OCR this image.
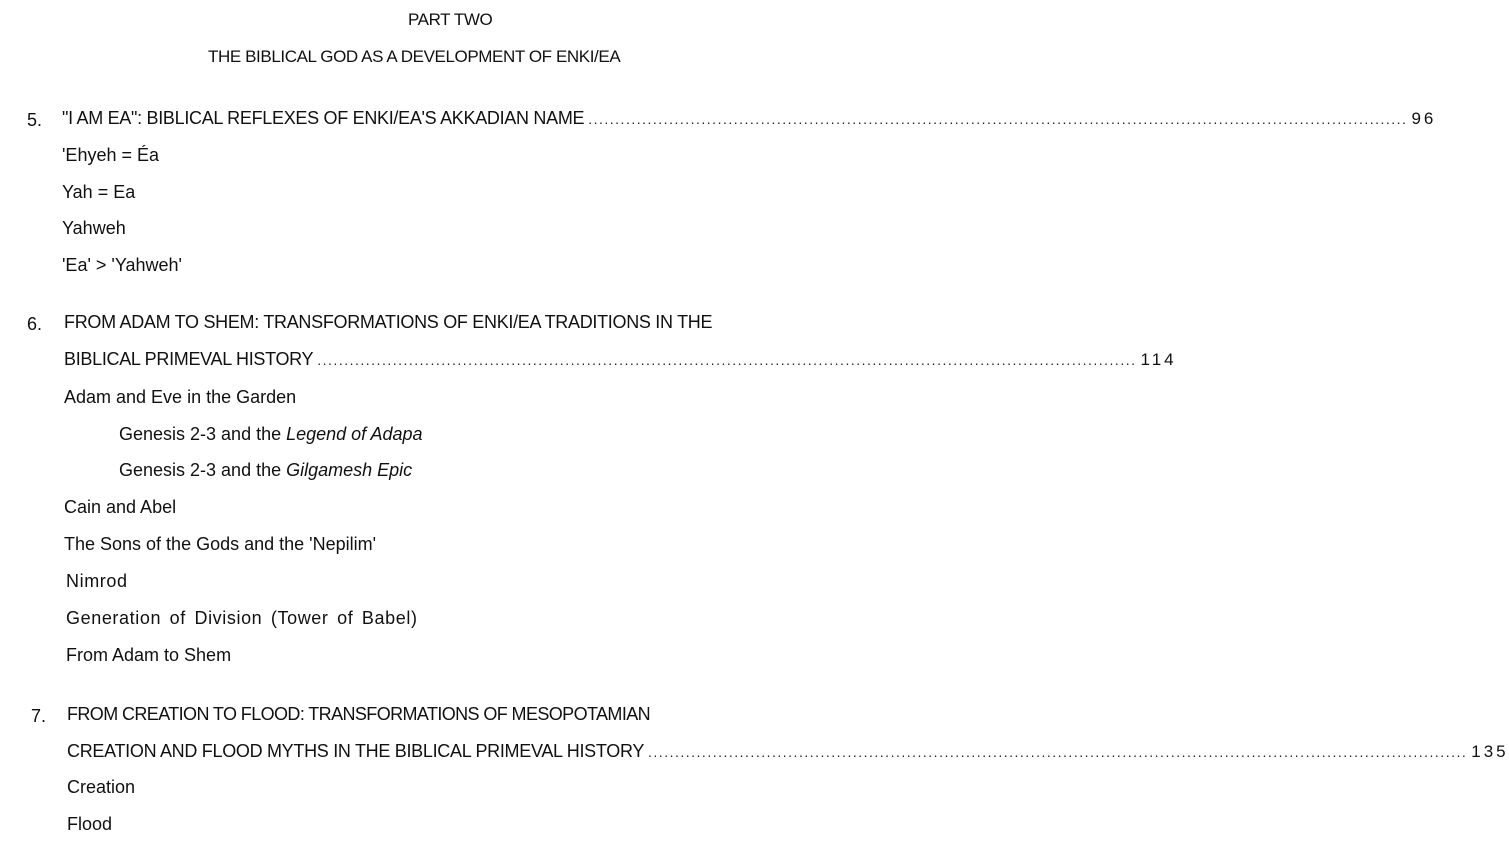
PART TWO
THE BIBLICAL GOD AS A DEVELOPMENT OF ENKI/EA
5. "I AM EA": BIBLICAL REFLEXES OF ENKI/EA'S AKKADIAN NAME ........................................................................................................................................................ 96
'Ehyeh = Éa
Yah = Ea
Yahweh
'Ea' > 'Yahweh'
6. FROM ADAM TO SHEM: TRANSFORMATIONS OF ENKI/EA TRADITIONS IN THE
BIBLICAL PRIMEVAL HISTORY ........................................................................................................................................................ 114
Adam and Eve in the Garden
Genesis 2-3 and the Legend of Adapa
Genesis 2-3 and the Gilgamesh Epic
Cain and Abel
The Sons of the Gods and the 'Nepilim'
Nimrod
Generation of Division (Tower of Babel)
From Adam to Shem
7. FROM CREATION TO FLOOD: TRANSFORMATIONS OF MESOPOTAMIAN
CREATION AND FLOOD MYTHS IN THE BIBLICAL PRIMEVAL HISTORY ........................................................................................................................................................ 135
Creation
Flood
